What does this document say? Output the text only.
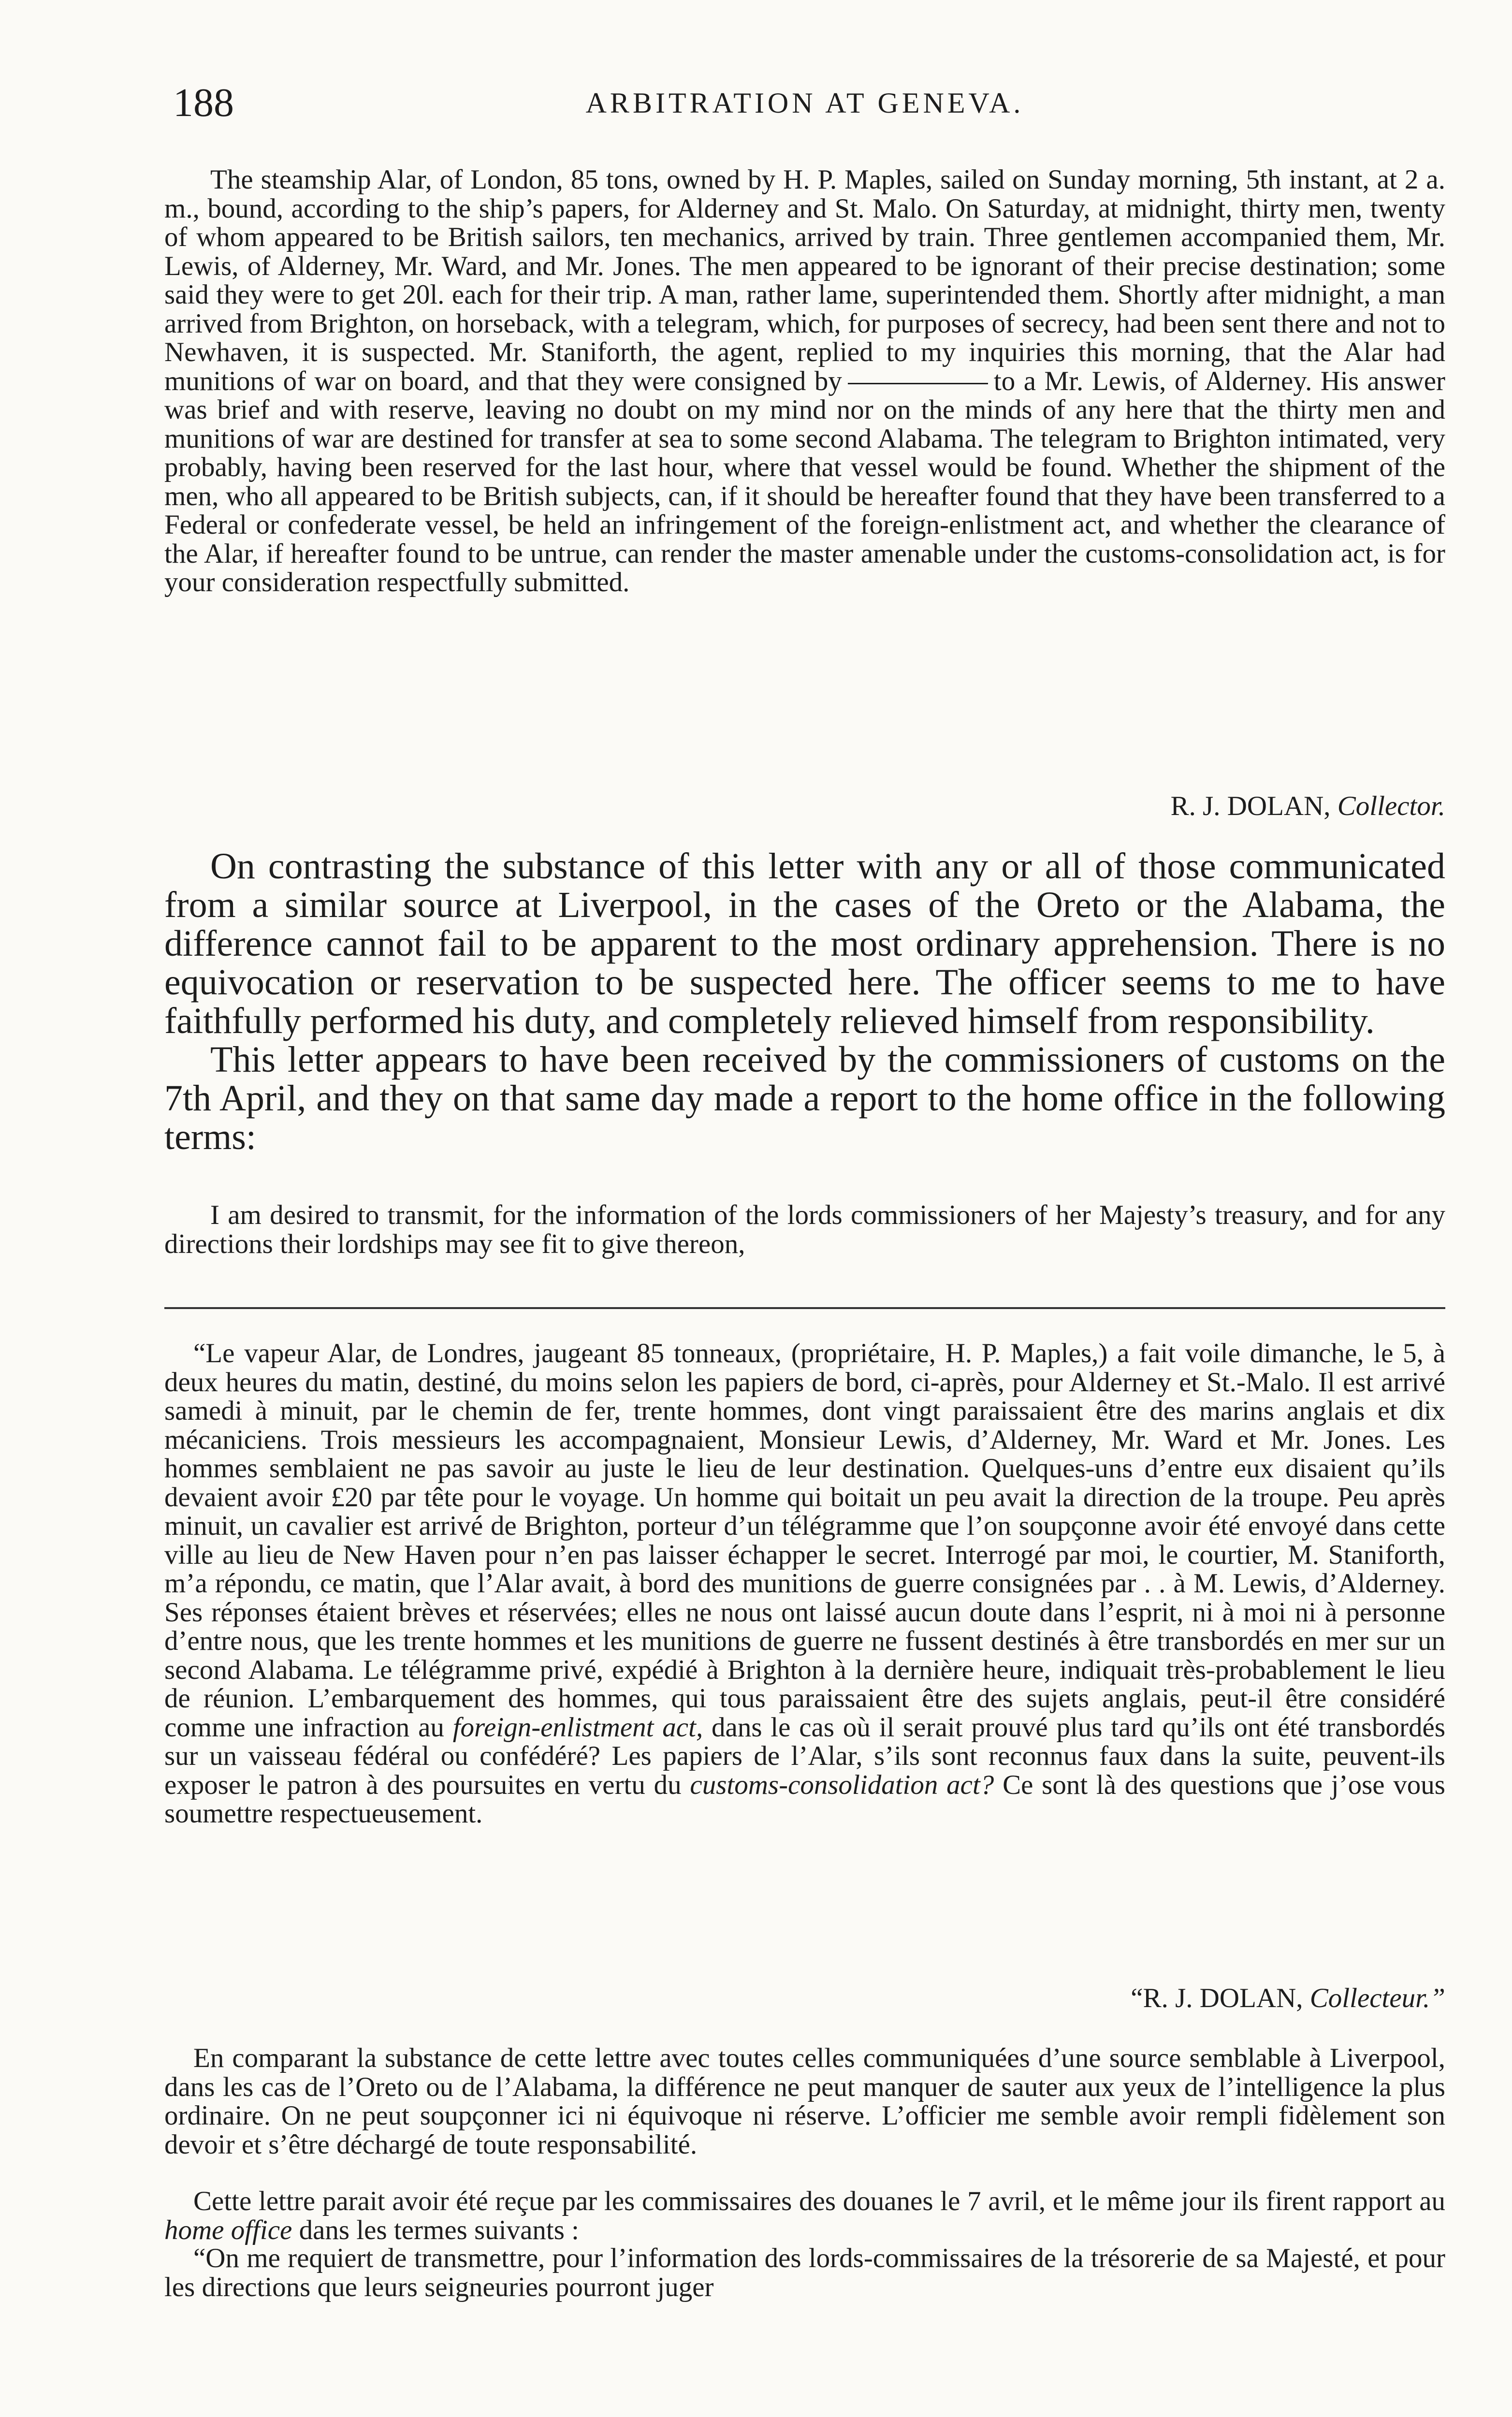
188	ARBITRATION AT GENEVA.

The steamship Alar, of London, 85 tons, owned by H. P. Maples, sailed on Sunday morning, 5th instant, at 2 a. m., bound, according to the ship’s papers, for Alderney and St. Malo. On Saturday, at midnight, thirty men, twenty of whom appeared to be British sailors, ten mechanics, arrived by train. Three gentlemen accompanied them, Mr. Lewis, of Alderney, Mr. Ward, and Mr. Jones. The men appeared to be ignorant of their precise destination; some said they were to get 20l. each for their trip. A man, rather lame, superintended them. Shortly after midnight, a man arrived from Brighton, on horseback, with a telegram, which, for purposes of secrecy, had been sent there and not to Newhaven, it is suspected. Mr. Staniforth, the agent, replied to my inquiries this morning, that the Alar had munitions of war on board, and that they were consigned by	to a Mr. Lewis, of Alderney. His answer was brief and with reserve, leaving no doubt on my mind nor on the minds of any here that the thirty men and munitions of war are destined for transfer at sea to some second Alabama. The telegram to Brighton intimated, very probably, having been reserved for the last hour, where that vessel would be found. Whether the shipment of the men, who all appeared to be British subjects, can, if it should be hereafter found that they have been transferred to a Federal or confederate vessel, be held an infringement of the foreign-enlistment act, and whether the clearance of the Alar, if hereafter found to be untrue, can render the master amenable under the customs-consolidation act, is for your consideration respectfully submitted.

R. J. DOLAN, Collector.

On contrasting the substance of this letter with any or all of those communicated from a similar source at Liverpool, in the cases of the Oreto or the Alabama, the difference cannot fail to be apparent to the most ordinary apprehension. There is no equivocation or reservation to be suspected here. The officer seems to me to have faithfully performed his duty, and completely relieved himself from responsibility.

This letter appears to have been received by the commissioners of customs on the 7th April, and they on that same day made a report to the home office in the following terms:

I am desired to transmit, for the information of the lords commissioners of her Majesty’s treasury, and for any directions their lordships may see fit to give thereon,

“Le vapeur Alar, de Londres, jaugeant 85 tonneaux, (propriétaire, H. P. Maples,) a fait voile dimanche, le 5, à deux heures du matin, destiné, du moins selon les papiers de bord, ci-après, pour Alderney et St.-Malo. Il est arrivé samedi à minuit, par le chemin de fer, trente hommes, dont vingt paraissaient être des marins anglais et dix mécaniciens. Trois messieurs les accompagnaient, Monsieur Lewis, d’Alderney, Mr. Ward et Mr. Jones. Les hommes semblaient ne pas savoir au juste le lieu de leur destination. Quelques-uns d’entre eux disaient qu’ils devaient avoir £20 par tête pour le voyage. Un homme qui boitait un peu avait la direction de la troupe. Peu après minuit, un cavalier est arrivé de Brighton, porteur d’un télégramme que l’on soupçonne avoir été envoyé dans cette ville au lieu de New Haven pour n’en pas laisser échapper le secret. Interrogé par moi, le courtier, M. Staniforth, m’a répondu, ce matin, que l’Alar avait, à bord des munitions de guerre consignées par . . à M. Lewis, d’Alderney. Ses réponses étaient brèves et réservées; elles ne nous ont laissé aucun doute dans l’esprit, ni à moi ni à personne d’entre nous, que les trente hommes et les munitions de guerre ne fussent destinés à être transbordés en mer sur un second Alabama. Le télégramme privé, expédié à Brighton à la dernière heure, indiquait très-probablement le lieu de réunion. L’embarquement des hommes, qui tous paraissaient être des sujets anglais, peut-il être considéré comme une infraction au foreign-enlistment act, dans le cas où il serait prouvé plus tard qu’ils ont été transbordés sur un vaisseau fédéral ou confédéré? Les papiers de l’Alar, s’ils sont reconnus faux dans la suite, peuvent-ils exposer le patron à des poursuites en vertu du customs-consolidation act? Ce sont là des questions que j’ose vous soumettre respectueusement.

“R. J. DOLAN, Collecteur.”

En comparant la substance de cette lettre avec toutes celles communiquées d’une source semblable à Liverpool, dans les cas de l’Oreto ou de l’Alabama, la différence ne peut manquer de sauter aux yeux de l’intelligence la plus ordinaire. On ne peut soupçonner ici ni équivoque ni réserve. L’officier me semble avoir rempli fidèlement son devoir et s’être déchargé de toute responsabilité.

Cette lettre parait avoir été reçue par les commissaires des douanes le 7 avril, et le même jour ils firent rapport au home office dans les termes suivants :

“On me requiert de transmettre, pour l’information des lords-commissaires de la trésorerie de sa Majesté, et pour les directions que leurs seigneuries pourront juger
